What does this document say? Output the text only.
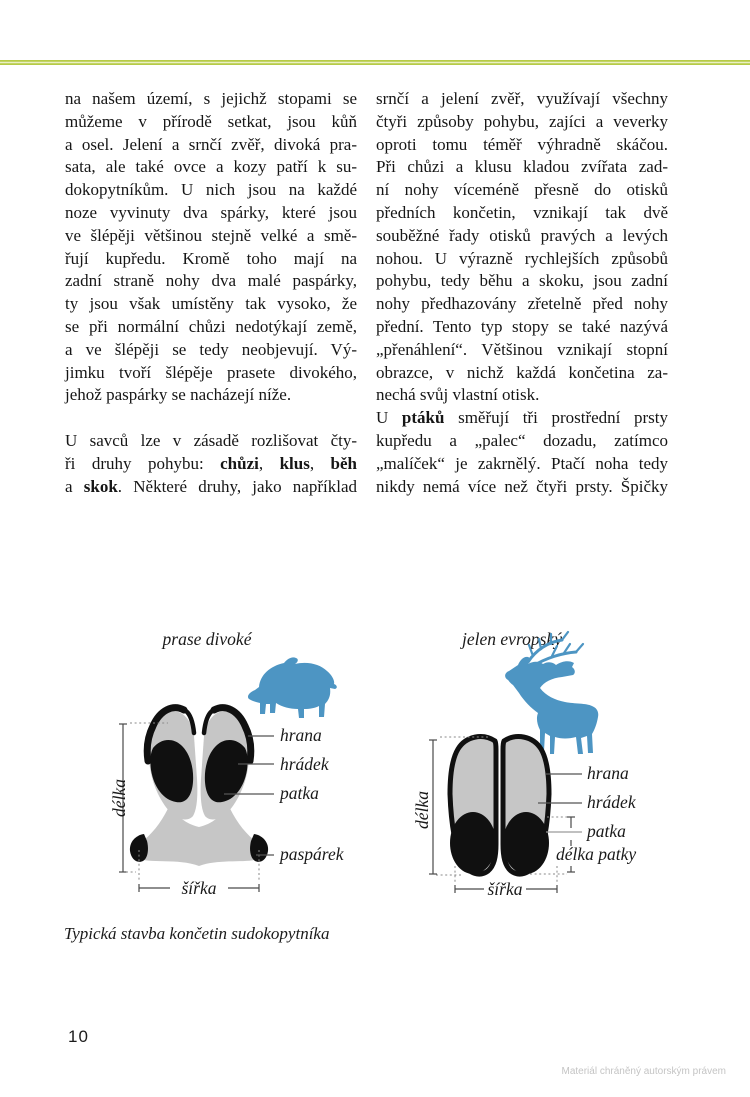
na našem území, s jejichž stopami se
můžeme v přírodě setkat, jsou kůň
a osel. Jelení a srnčí zvěř, divoká pra-
sata, ale také ovce a kozy patří k su-
dokopytníkům. U nich jsou na každé
noze vyvinuty dva spárky, které jsou
ve šlépěji většinou stejně velké a smě-
řují kupředu. Kromě toho mají na
zadní straně nohy dva malé paspárky,
ty jsou však umístěny tak vysoko, že
se při normální chůzi nedotýkají země,
a ve šlépěji se tedy neobjevují. Vý-
jimku tvoří šlépěje prasete divokého,
jehož paspárky se nacházejí níže.
U savců lze v zásadě rozlišovat čty-
ři druhy pohybu: chůzi, klus, běh
a skok. Některé druhy, jako například
srnčí a jelení zvěř, využívají všechny
čtyři způsoby pohybu, zajíci a veverky
oproti tomu téměř výhradně skáčou.
Při chůzi a klusu kladou zvířata zad-
ní nohy víceméně přesně do otisků
předních končetin, vznikají tak dvě
souběžné řady otisků pravých a levých
nohou. U výrazně rychlejších způsobů
pohybu, tedy běhu a skoku, jsou zadní
nohy předhazovány zřetelně před nohy
přední. Tento typ stopy se také nazývá
„přenáhlení“. Většinou vznikají stopní
obrazce, v nichž každá končetina za-
nechá svůj vlastní otisk.
U ptáků směřují tři prostřední prsty
kupředu a „palec“ dozadu, zatímco
„malíček“ je zakrnělý. Ptačí noha tedy
nikdy nemá více než čtyři prsty. Špičky
prase divoké
hrana
hrádek
patka
paspárek
délka
šířka
jelen evropský
hrana
hrádek
patka
délka patky
délka
šířka
Typická stavba končetin sudokopytníka
10
Materiál chráněný autorským právem
